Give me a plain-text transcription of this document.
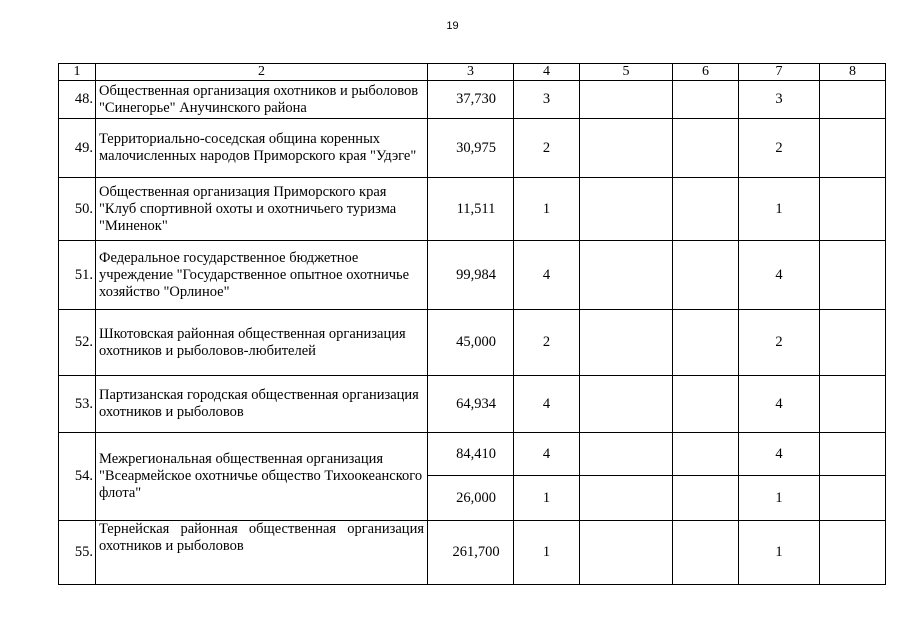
19
1	2	3	4	5	6	7	8
48.	Общественная организация охотников и рыболовов "Синегорье" Анучинского района	37,730	3			3	
49.	Территориально-соседская община коренных малочисленных народов Приморского края "Удэге"	30,975	2			2	
50.	Общественная организация Приморского края "Клуб спортивной охоты и охотничьего туризма "Миненок"	11,511	1			1	
51.	Федеральное государственное бюджетное учреждение "Государственное опытное охотничье хозяйство "Орлиное"	99,984	4			4	
52.	Шкотовская районная общественная организация охотников и рыболовов-любителей	45,000	2			2	
53.	Партизанская городская общественная организация охотников и рыболовов	64,934	4			4	
54.	Межрегиональная общественная организация "Всеармейское охотничье общество Тихоокеанского флота"	84,410	4			4	
		26,000	1			1	
55.	Тернейская районная общественная организация охотников и рыболовов	261,700	1			1	
